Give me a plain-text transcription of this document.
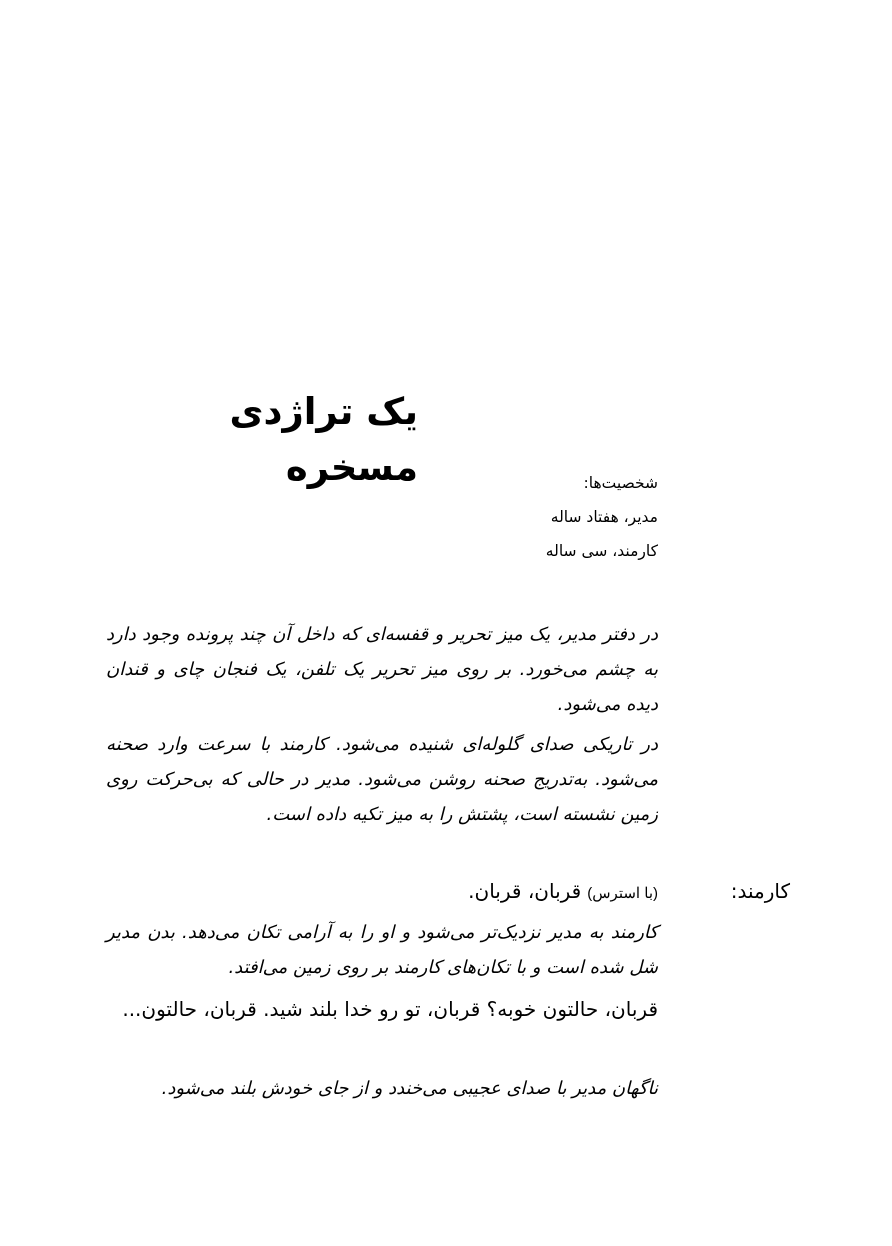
یک تراژدی مسخره	شخصیت‌ها:
مدیر، هفتاد ساله
کارمند، سی ساله

در دفتر مدیر، یک میز تحریر و قفسه‌ای که داخل آن چند پرونده وجود دارد به چشم می‌خورد. بر روی میز تحریر یک تلفن، یک فنجان چای و قندان دیده می‌شود.

در تاریکی صدای گلوله‌ای شنیده می‌شود. کارمند با سرعت وارد صحنه می‌شود. به‌تدریج صحنه روشن می‌شود. مدیر در حالی که بی‌حرکت روی زمین نشسته است، پشتش را به میز تکیه داده است.

کارمند:

(با استرس)قربان، قربان.

کارمند به مدیر نزدیک‌تر می‌شود و او را به آرامی تکان می‌دهد. بدن مدیر شل شده است و با تکان‌های کارمند بر روی زمین می‌افتد.

قربان، حالتون خوبه؟ قربان، تو رو خدا بلند شید. قربان، حالتون...

ناگهان مدیر با صدای عجیبی می‌خندد و از جای خودش بلند می‌شود.
